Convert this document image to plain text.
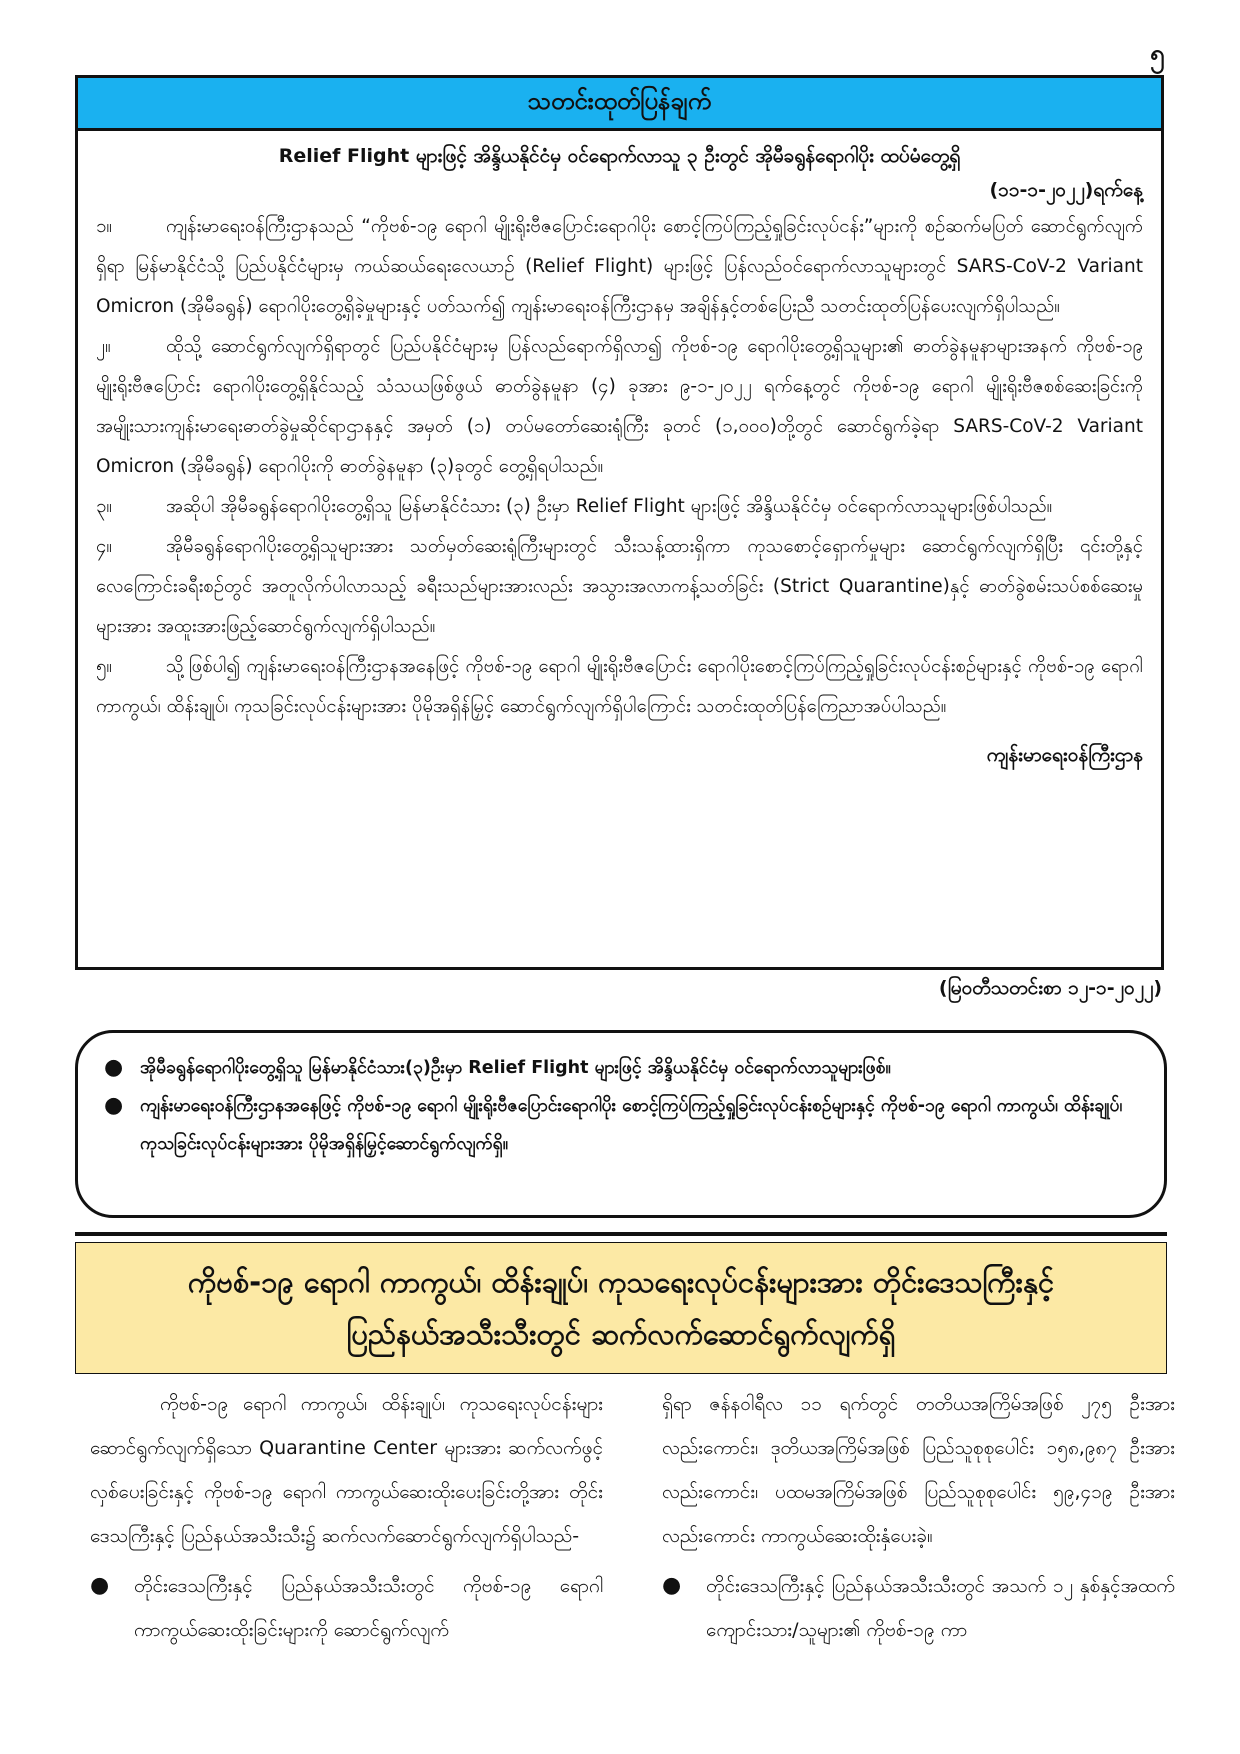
၅
သတင်းထုတ်ပြန်ချက်
Relief Flight များဖြင့် အိန္ဒိယနိုင်ငံမှ ဝင်ရောက်လာသူ ၃ ဦးတွင် အိုမီခရွန်ရောဂါပိုး ထပ်မံတွေ့ရှိ
(၁၁-၁-၂၀၂၂)ရက်နေ့

၁။	ကျန်းမာရေးဝန်ကြီးဌာနသည် “ကိုဗစ်-၁၉ ရောဂါ မျိုးရိုးဗီဇပြောင်းရောဂါပိုး စောင့်ကြပ်ကြည့်ရှုခြင်းလုပ်ငန်း”များကို စဉ်ဆက်မပြတ် ဆောင်ရွက်လျက်ရှိရာ မြန်မာနိုင်ငံသို့ ပြည်ပနိုင်ငံများမှ ကယ်ဆယ်ရေးလေယာဉ် (Relief Flight) များဖြင့် ပြန်လည်ဝင်ရောက်လာသူများတွင် SARS-CoV-2 Variant Omicron (အိုမီခရွန်) ရောဂါပိုးတွေ့ရှိခဲ့မှုများနှင့် ပတ်သက်၍ ကျန်းမာရေးဝန်ကြီးဌာနမှ အချိန်နှင့်တစ်ပြေးညီ သတင်းထုတ်ပြန်ပေးလျက်ရှိပါသည်။

၂။	ထိုသို့ ဆောင်ရွက်လျက်ရှိရာတွင် ပြည်ပနိုင်ငံများမှ ပြန်လည်ရောက်ရှိလာ၍ ကိုဗစ်-၁၉ ရောဂါပိုးတွေ့ရှိသူများ၏ ဓာတ်ခွဲနမူနာများအနက် ကိုဗစ်-၁၉ မျိုးရိုးဗီဇပြောင်း ရောဂါပိုးတွေ့ရှိနိုင်သည့် သံသယဖြစ်ဖွယ် ဓာတ်ခွဲနမူနာ (၄) ခုအား ၉-၁-၂၀၂၂ ရက်နေ့တွင် ကိုဗစ်-၁၉ ရောဂါ မျိုးရိုးဗီဇစစ်ဆေးခြင်းကို အမျိုးသားကျန်းမာရေးဓာတ်ခွဲမှုဆိုင်ရာဌာနနှင့် အမှတ် (၁) တပ်မတော်ဆေးရုံကြီး ခုတင် (၁,၀၀၀)တို့တွင် ဆောင်ရွက်ခဲ့ရာ SARS-CoV-2 Variant Omicron (အိုမီခရွန်) ရောဂါပိုးကို ဓာတ်ခွဲနမူနာ (၃)ခုတွင် တွေ့ရှိရပါသည်။

၃။	အဆိုပါ အိုမီခရွန်ရောဂါပိုးတွေ့ရှိသူ မြန်မာနိုင်ငံသား (၃) ဦးမှာ Relief Flight များဖြင့် အိန္ဒိယနိုင်ငံမှ ဝင်ရောက်လာသူများဖြစ်ပါသည်။

၄။	အိုမီခရွန်ရောဂါပိုးတွေ့ရှိသူများအား သတ်မှတ်ဆေးရုံကြီးများတွင် သီးသန့်ထားရှိကာ ကုသစောင့်ရှောက်မှုများ ဆောင်ရွက်လျက်ရှိပြီး ၎င်းတို့နှင့် လေကြောင်းခရီးစဉ်တွင် အတူလိုက်ပါလာသည့် ခရီးသည်များအားလည်း အသွားအလာကန့်သတ်ခြင်း (Strict Quarantine)နှင့် ဓာတ်ခွဲစမ်းသပ်စစ်ဆေးမှုများအား အထူးအားဖြည့်ဆောင်ရွက်လျက်ရှိပါသည်။

၅။	သို့ဖြစ်ပါ၍ ကျန်းမာရေးဝန်ကြီးဌာနအနေဖြင့် ကိုဗစ်-၁၉ ရောဂါ မျိုးရိုးဗီဇပြောင်း ရောဂါပိုးစောင့်ကြပ်ကြည့်ရှုခြင်းလုပ်ငန်းစဉ်များနှင့် ကိုဗစ်-၁၉ ရောဂါ ကာကွယ်၊ ထိန်းချုပ်၊ ကုသခြင်းလုပ်ငန်းများအား ပိုမိုအရှိန်မြှင့် ဆောင်ရွက်လျက်ရှိပါကြောင်း သတင်းထုတ်ပြန်ကြေညာအပ်ပါသည်။

ကျန်းမာရေးဝန်ကြီးဌာန
(မြဝတီသတင်းစာ ၁၂-၁-၂၀၂၂)
● အိုမီခရွန်ရောဂါပိုးတွေ့ရှိသူ မြန်မာနိုင်ငံသား(၃)ဦးမှာ Relief Flight များဖြင့် အိန္ဒိယနိုင်ငံမှ ဝင်ရောက်လာသူများဖြစ်။
● ကျန်းမာရေးဝန်ကြီးဌာနအနေဖြင့် ကိုဗစ်-၁၉ ရောဂါ မျိုးရိုးဗီဇပြောင်းရောဂါပိုး စောင့်ကြပ်ကြည့်ရှုခြင်းလုပ်ငန်းစဉ်များနှင့် ကိုဗစ်-၁၉ ရောဂါ ကာကွယ်၊ ထိန်းချုပ်၊ ကုသခြင်းလုပ်ငန်းများအား ပိုမိုအရှိန်မြှင့်ဆောင်ရွက်လျက်ရှိ။
ကိုဗစ်-၁၉ ရောဂါ ကာကွယ်၊ ထိန်းချုပ်၊ ကုသရေးလုပ်ငန်းများအား တိုင်းဒေသကြီးနှင့်
ပြည်နယ်အသီးသီးတွင် ဆက်လက်ဆောင်ရွက်လျက်ရှိ

ကိုဗစ်-၁၉ ရောဂါ ကာကွယ်၊ ထိန်းချုပ်၊ ကုသရေးလုပ်ငန်းများ ဆောင်ရွက်လျက်ရှိသော Quarantine Center များအား ဆက်လက်ဖွင့်လှစ်ပေးခြင်းနှင့် ကိုဗစ်-၁၉ ရောဂါ ကာကွယ်ဆေးထိုးပေးခြင်းတို့အား တိုင်းဒေသကြီးနှင့် ပြည်နယ်အသီးသီး၌ ဆက်လက်ဆောင်ရွက်လျက်ရှိပါသည်-

●	တိုင်းဒေသကြီးနှင့် ပြည်နယ်အသီးသီးတွင် ကိုဗစ်-၁၉ ရောဂါ ကာကွယ်ဆေးထိုးခြင်းများကို ဆောင်ရွက်လျက်

ရှိရာ ဇန်နဝါရီလ ၁၁ ရက်တွင် တတိယအကြိမ်အဖြစ် ၂၇၅ ဦးအားလည်းကောင်း၊ ဒုတိယအကြိမ်အဖြစ် ပြည်သူစုစုပေါင်း ၁၅၈,၉၈၇ ဦးအားလည်းကောင်း၊ ပထမအကြိမ်အဖြစ် ပြည်သူစုစုပေါင်း ၅၉,၄၁၉ ဦးအားလည်းကောင်း ကာကွယ်ဆေးထိုးနှံပေးခဲ့။

●	တိုင်းဒေသကြီးနှင့် ပြည်နယ်အသီးသီးတွင် အသက် ၁၂ နှစ်နှင့်အထက် ကျောင်းသား/သူများ၏ ကိုဗစ်-၁၉ ကာ
